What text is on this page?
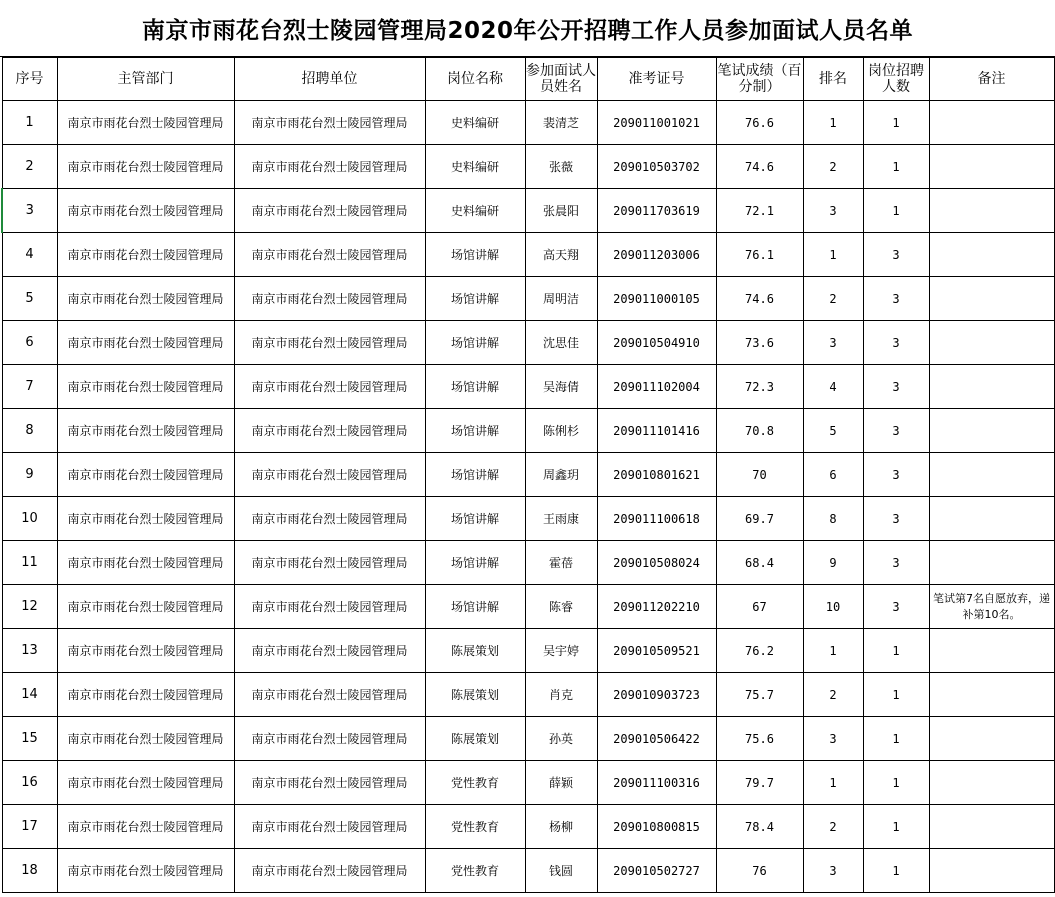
南京市雨花台烈士陵园管理局2020年公开招聘工作人员参加面试人员名单
序号	主管部门	招聘单位	岗位名称	参加面试人员姓名	准考证号	笔试成绩（百分制）	排名	岗位招聘人数	备注
1	南京市雨花台烈士陵园管理局	南京市雨花台烈士陵园管理局	史料编研	裴清芝	209011001021	76.6	1	1	
2	南京市雨花台烈士陵园管理局	南京市雨花台烈士陵园管理局	史料编研	张薇	209010503702	74.6	2	1	
3	南京市雨花台烈士陵园管理局	南京市雨花台烈士陵园管理局	史料编研	张晨阳	209011703619	72.1	3	1	
4	南京市雨花台烈士陵园管理局	南京市雨花台烈士陵园管理局	场馆讲解	高天翔	209011203006	76.1	1	3	
5	南京市雨花台烈士陵园管理局	南京市雨花台烈士陵园管理局	场馆讲解	周明洁	209011000105	74.6	2	3	
6	南京市雨花台烈士陵园管理局	南京市雨花台烈士陵园管理局	场馆讲解	沈思佳	209010504910	73.6	3	3	
7	南京市雨花台烈士陵园管理局	南京市雨花台烈士陵园管理局	场馆讲解	吴海倩	209011102004	72.3	4	3	
8	南京市雨花台烈士陵园管理局	南京市雨花台烈士陵园管理局	场馆讲解	陈俐杉	209011101416	70.8	5	3	
9	南京市雨花台烈士陵园管理局	南京市雨花台烈士陵园管理局	场馆讲解	周鑫玥	209010801621	70	6	3	
10	南京市雨花台烈士陵园管理局	南京市雨花台烈士陵园管理局	场馆讲解	王雨康	209011100618	69.7	8	3	
11	南京市雨花台烈士陵园管理局	南京市雨花台烈士陵园管理局	场馆讲解	霍蓓	209010508024	68.4	9	3	
12	南京市雨花台烈士陵园管理局	南京市雨花台烈士陵园管理局	场馆讲解	陈睿	209011202210	67	10	3	笔试第7名自愿放弃，递补第10名。
13	南京市雨花台烈士陵园管理局	南京市雨花台烈士陵园管理局	陈展策划	吴宇婷	209010509521	76.2	1	1	
14	南京市雨花台烈士陵园管理局	南京市雨花台烈士陵园管理局	陈展策划	肖克	209010903723	75.7	2	1	
15	南京市雨花台烈士陵园管理局	南京市雨花台烈士陵园管理局	陈展策划	孙英	209010506422	75.6	3	1	
16	南京市雨花台烈士陵园管理局	南京市雨花台烈士陵园管理局	党性教育	薛颖	209011100316	79.7	1	1	
17	南京市雨花台烈士陵园管理局	南京市雨花台烈士陵园管理局	党性教育	杨柳	209010800815	78.4	2	1	
18	南京市雨花台烈士陵园管理局	南京市雨花台烈士陵园管理局	党性教育	钱圆	209010502727	76	3	1	
